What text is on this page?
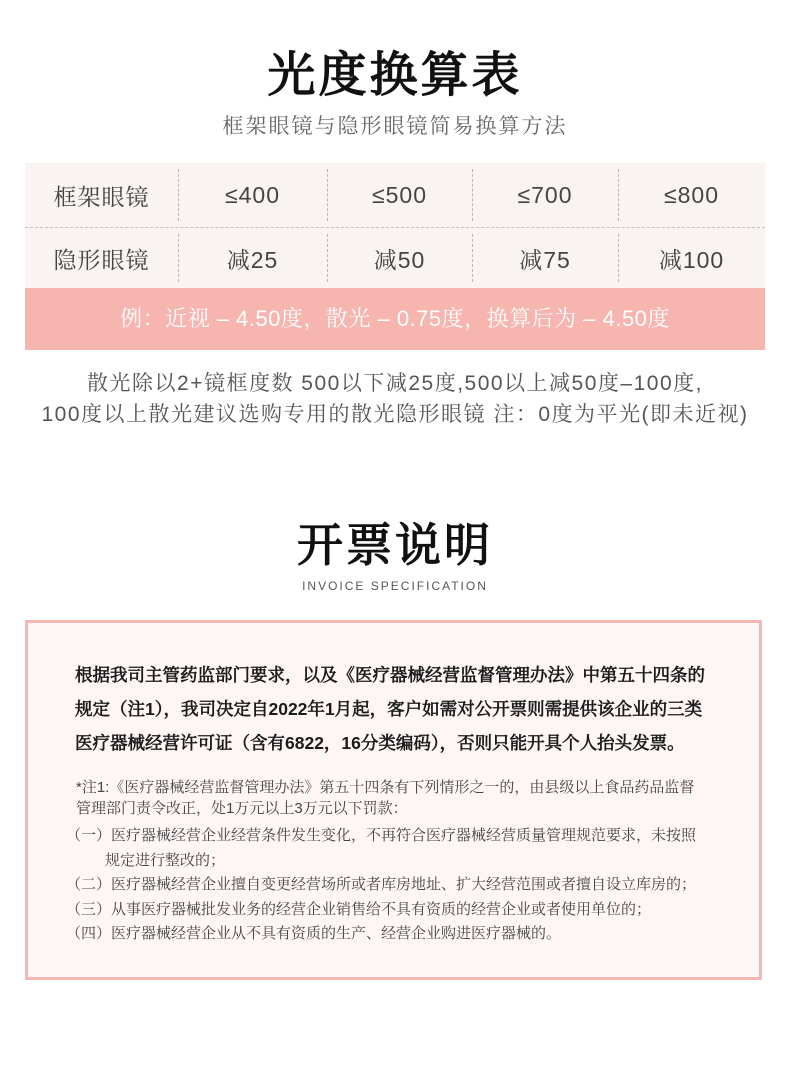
光度换算表
框架眼镜与隐形眼镜简易换算方法
框架眼镜	≤400	≤500	≤700	≤800
隐形眼镜	减25	减50	减75	减100
例：近视 – 4.50度，散光 – 0.75度，换算后为 – 4.50度
散光除以2+镜框度数 500以下减25度,500以上减50度–100度,
100度以上散光建议选购专用的散光隐形眼镜 注：0度为平光(即未近视)
开票说明
INVOICE SPECIFICATION
根据我司主管药监部门要求，以及《医疗器械经营监督管理办法》中第五十四条的
规定（注1），我司决定自2022年1月起，客户如需对公开票则需提供该企业的三类
医疗器械经营许可证（含有6822，16分类编码），否则只能开具个人抬头发票。
*注1:《医疗器械经营监督管理办法》第五十四条有下列情形之一的，由县级以上食品药品监督
管理部门责令改正，处1万元以上3万元以下罚款：
（一）医疗器械经营企业经营条件发生变化，不再符合医疗器械经营质量管理规范要求，未按照
规定进行整改的；
（二）医疗器械经营企业擅自变更经营场所或者库房地址、扩大经营范围或者擅自设立库房的；
（三）从事医疗器械批发业务的经营企业销售给不具有资质的经营企业或者使用单位的；
（四）医疗器械经营企业从不具有资质的生产、经营企业购进医疗器械的。
